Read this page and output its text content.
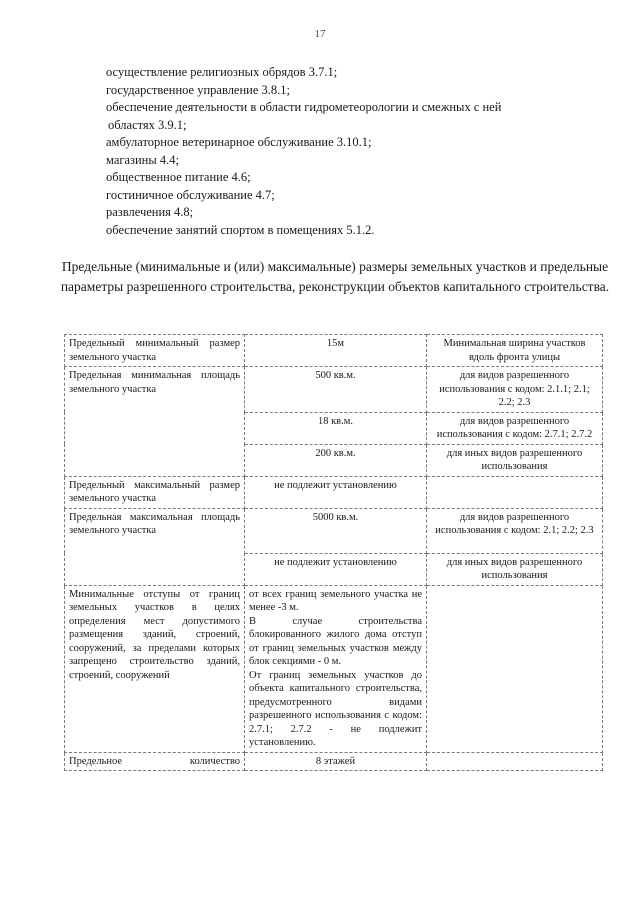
17
осуществление религиозных обрядов 3.7.1;
государственное управление 3.8.1;
обеспечение деятельности в области гидрометеорологии и смежных с ней
областях 3.9.1;
амбулаторное ветеринарное обслуживание 3.10.1;
магазины 4.4;
общественное питание 4.6;
гостиничное обслуживание 4.7;
развлечения 4.8;
обеспечение занятий спортом в помещениях 5.1.2.
Предельные (минимальные и (или) максимальные) размеры земельных участков и предельные параметры разрешенного строительства, реконструкции объектов капитального строительства.
Предельный минимальный размер земельного участка	15м	Минимальная ширина участков вдоль фронта улицы
Предельная минимальная площадь земельного участка	500 кв.м.	для видов разрешенного использования с кодом: 2.1.1; 2.1; 2.2; 2.3
	18 кв.м.	для видов разрешенного использования с кодом: 2.7.1; 2.7.2
	200 кв.м.	для иных видов разрешенного использования
Предельный максимальный размер земельного участка	не подлежит установлению	
Предельная максимальная площадь земельного участка	5000 кв.м.	для видов разрешенного использования с кодом: 2.1; 2.2; 2.3
	не подлежит установлению	для иных видов разрешенного использования
Минимальные отступы от границ земельных участков в целях определения мест допустимого размещения зданий, строений, сооружений, за пределами которых запрещено строительство зданий, строений, сооружений	от всех границ земельного участка не менее -3 м.
В случае строительства блокированного жилого дома отступ от границ земельных участков между блок секциями - 0 м.
От границ земельных участков до объекта капитального строительства, предусмотренного видами разрешенного использования с кодом: 2.7.1; 2.7.2 - не подлежит установлению.	

Предельное количество	8 этажей	
